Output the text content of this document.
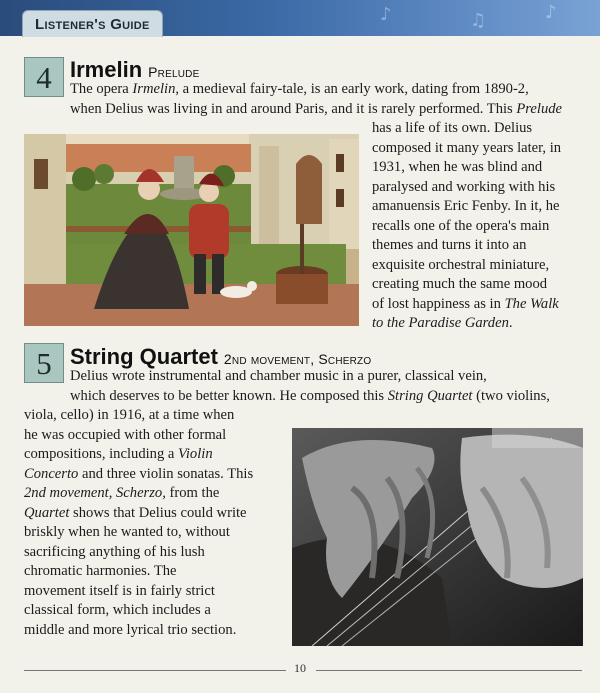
♪	♫	♪
Listener's Guide
4 Irmelin Prelude
The opera Irmelin, a medieval fairy-tale, is an early work, dating from 1890-2,
when Delius was living in and around Paris, and it is rarely performed. This Prelude
has a life of its own. Delius
composed it many years later, in
1931, when he was blind and
paralysed and working with his
amanuensis Eric Fenby. In it, he
recalls one of the opera's main
themes and turns it into an
exquisite orchestral miniature,
creating much the same mood
of lost happiness as in The Walk
to the Paradise Garden.
5 String Quartet 2nd movement, Scherzo
Delius wrote instrumental and chamber music in a purer, classical vein,
which deserves to be better known. He composed this String Quartet (two violins,
viola, cello) in 1916, at a time when
he was occupied with other formal
compositions, including a Violin
Concerto and three violin sonatas. This
2nd movement, Scherzo, from the
Quartet shows that Delius could write
briskly when he wanted to, without
sacrificing anything of his lush
chromatic harmonies. The
movement itself is in fairly strict
classical form, which includes a
middle and more lyrical trio section.
10
